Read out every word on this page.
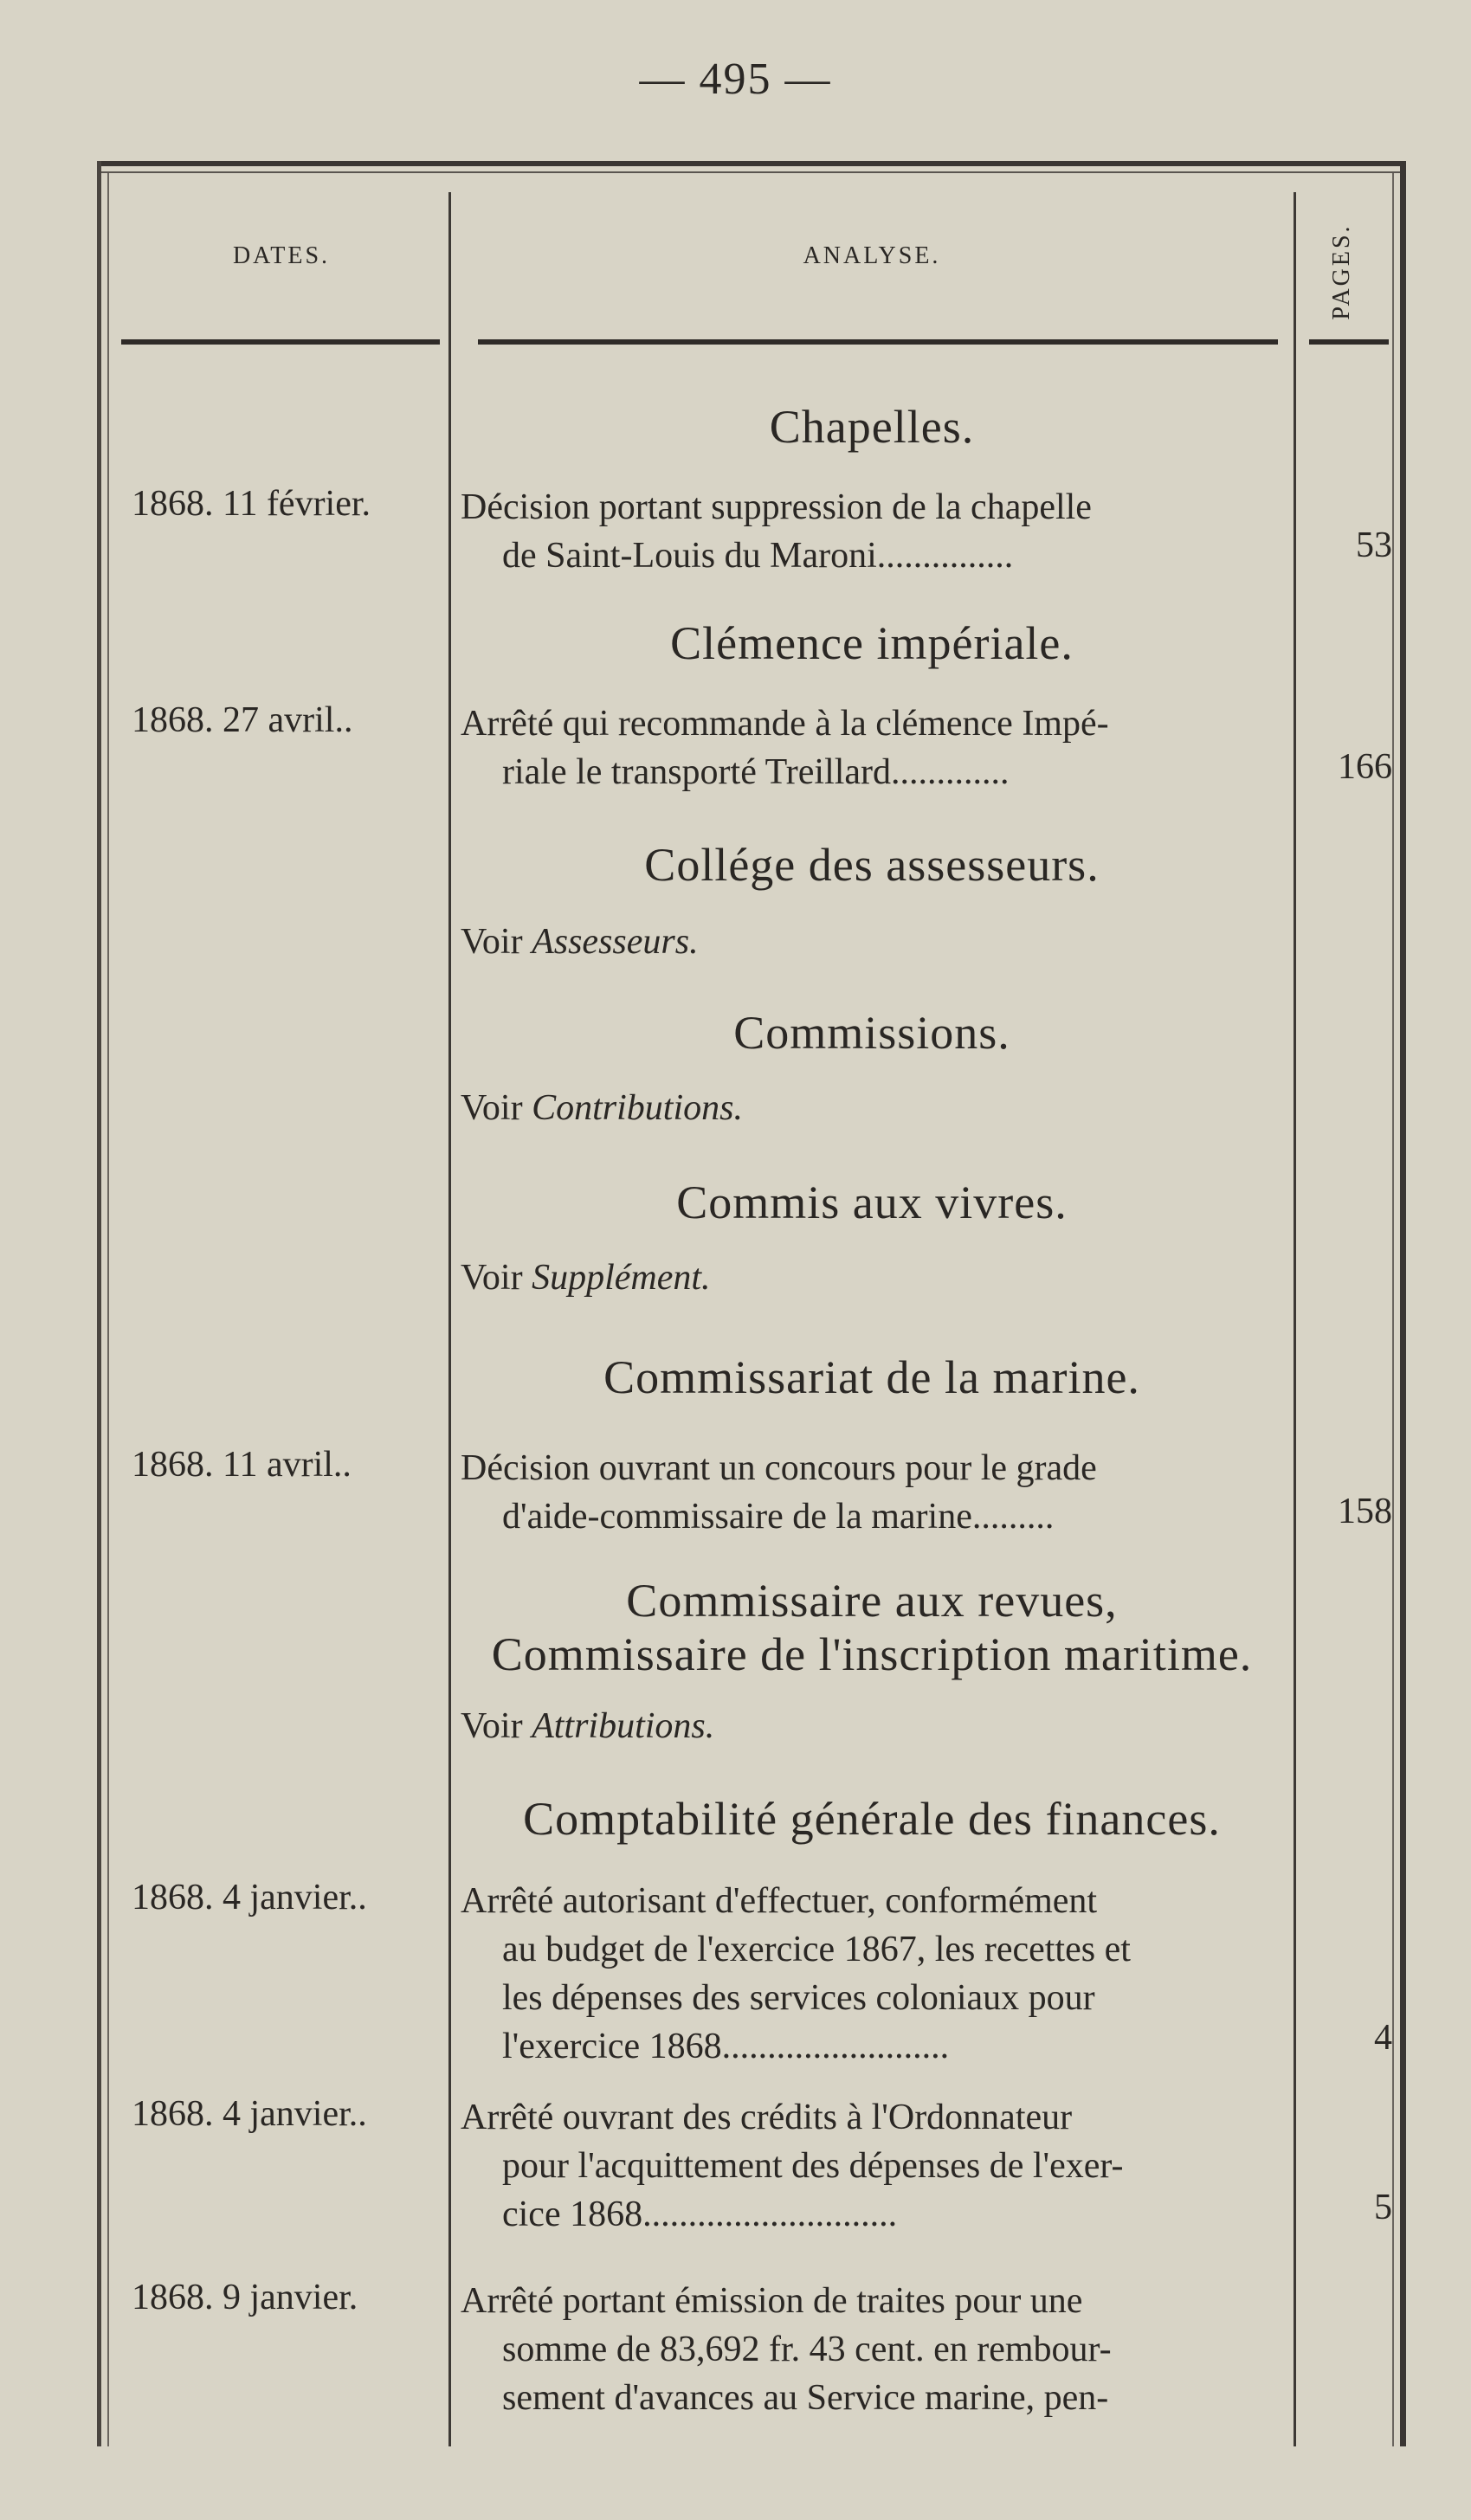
— 495 —
DATES.	ANALYSE.	PAGES.
Chapelles.
1868. 11 février.	Décision portant suppression de la chapelle
de Saint-Louis du Maroni...............	53
Clémence impériale.
1868. 27 avril..	Arrêté qui recommande à la clémence Impé-
riale le transporté Treillard.............	166
Collége des assesseurs.
Voir Assesseurs.
Commissions.
Voir Contributions.
Commis aux vivres.
Voir Supplément.
Commissariat de la marine.
1868. 11 avril..	Décision ouvrant un concours pour le grade
d'aide-commissaire de la marine.........	158
Commissaire aux revues,
Commissaire de l'inscription maritime.
Voir Attributions.
Comptabilité générale des finances.
1868. 4 janvier..	Arrêté autorisant d'effectuer, conformément
au budget de l'exercice 1867, les recettes et
les dépenses des services coloniaux pour
l'exercice 1868.........................	4
1868. 4 janvier..	Arrêté ouvrant des crédits à l'Ordonnateur
pour l'acquittement des dépenses de l'exer-
cice 1868............................	5
1868. 9 janvier.	Arrêté portant émission de traites pour une
somme de 83,692 fr. 43 cent. en rembour-
sement d'avances au Service marine, pen-
